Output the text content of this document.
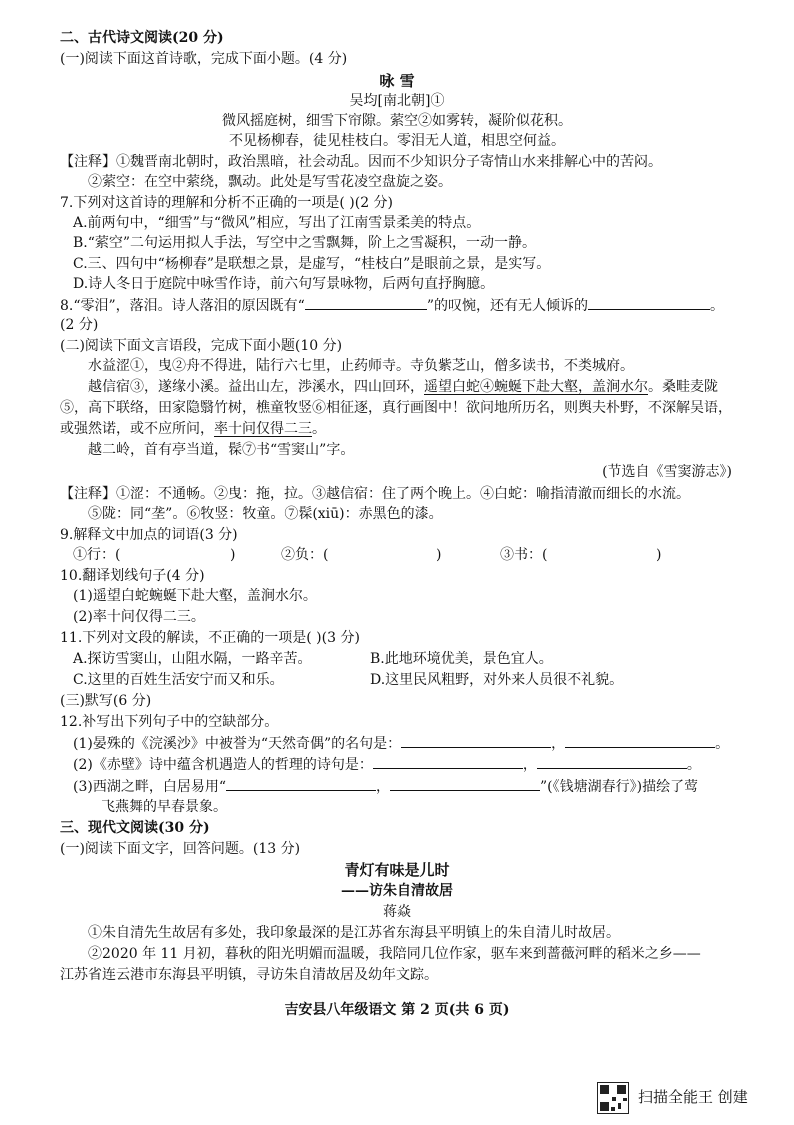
二、古代诗文阅读(20 分)
(一)阅读下面这首诗歌，完成下面小题。(4 分)
咏 雪
吴均[南北朝]①
微风摇庭树，细雪下帘隙。萦空②如雾转，凝阶似花积。
不见杨柳春，徒见桂枝白。零泪无人道，相思空何益。
【注释】①魏晋南北朝时，政治黑暗，社会动乱。因而不少知识分子寄情山水来排解心中的苦闷。
②萦空：在空中萦绕，飘动。此处是写雪花凌空盘旋之姿。
7.下列对这首诗的理解和分析不正确的一项是( )(2 分)
A.前两句中，“细雪”与“微风”相应，写出了江南雪景柔美的特点。
B.“萦空”二句运用拟人手法，写空中之雪飘舞，阶上之雪凝积，一动一静。
C.三、四句中“杨柳春”是联想之景，是虚写，“桂枝白”是眼前之景，是实写。
D.诗人冬日于庭院中咏雪作诗，前六句写景咏物，后两句直抒胸臆。
8.“零泪”，落泪。诗人落泪的原因既有“	”的叹惋，还有无人倾诉的	。
(2 分)
(二)阅读下面文言语段，完成下面小题(10 分)
水益涩①，曳②舟不得进，陆行六七里，止药师寺。寺负紫芝山，僧多读书，不类城府。
越信宿③，遂缘小溪。益出山左，渉溪水，四山回环，遥望白蛇④蜿蜒下赴大壑，盖涧水尔。桑畦麦陇
⑤，高下联络，田家隐翳竹树，樵童牧竖⑥相征逐，真行画图中！欲问地所历名，则舆夫朴野，不深解吴语，
或强然诺，或不应所问，率十问仅得二三。
越二岭，首有亭当道，髹⑦书“雪窦山”字。
(节选自《雪窦游志》)
【注释】①涩：不通畅。②曳：拖，拉。③越信宿：住了两个晚上。④白蛇：喻指清澈而细长的水流。
⑤陇：同“垄”。⑥牧竖：牧童。⑦髹(xiū)：赤黑色的漆。
9.解释文中加点的词语(3 分)
①行：(	)	②负：(	)	③书：(	)
10.翻译划线句子(4 分)
(1)遥望白蛇蜿蜒下赴大壑，盖涧水尔。
(2)率十问仅得二三。
11.下列对文段的解读，不正确的一项是( )(3 分)
A.探访雪窦山，山阻水隔，一路辛苦。	B.此地环境优美，景色宜人。
C.这里的百姓生活安宁而又和乐。	D.这里民风粗野，对外来人员很不礼貌。
(三)默写(6 分)
12.补写出下列句子中的空缺部分。
(1)晏殊的《浣溪沙》中被誉为“天然奇偶”的名句是：	，	。
(2)《赤壁》诗中蕴含机遇造人的哲理的诗句是：	，	。
(3)西湖之畔，白居易用“	，	”(《钱塘湖春行》)描绘了莺
飞燕舞的早春景象。
三、现代文阅读(30 分)
(一)阅读下面文字，回答问题。(13 分)
青灯有味是儿时
——访朱自清故居
蒋焱
①朱自清先生故居有多处，我印象最深的是江苏省东海县平明镇上的朱自清儿时故居。
②2020 年 11 月初，暮秋的阳光明媚而温暖，我陪同几位作家，驱车来到蔷薇河畔的稻米之乡——
江苏省连云港市东海县平明镇，寻访朱自清故居及幼年文踪。
吉安县八年级语文 第 2 页(共 6 页)
扫描全能王 创建
